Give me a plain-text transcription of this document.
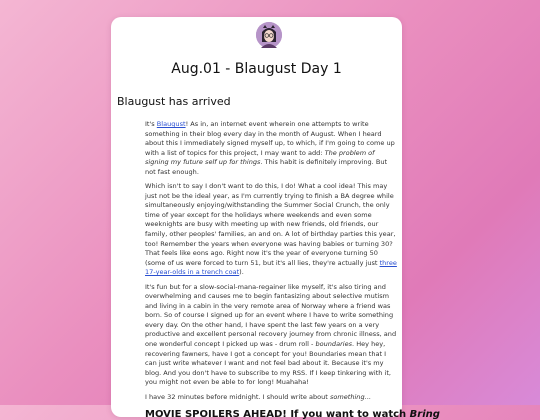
Aug.01 - Blaugust Day 1
Blaugust has arrived

It's Blaugust! As in, an internet event wherein one attempts to write something in their blog every day in the month of August. When I heard about this I immediately signed myself up, to which, if I'm going to come up with a list of topics for this project, I may want to add: The problem of signing my future self up for things. This habit is definitely improving. But not fast enough.

Which isn't to say I don't want to do this, I do! What a cool idea! This may just not be the ideal year, as I'm currently trying to finish a BA degree while simultaneously enjoying/withstanding the Summer Social Crunch, the only time of year except for the holidays where weekends and even some weeknights are busy with meeting up with new friends, old friends, our family, other peoples' families, an and on. A lot of birthday parties this year, too! Remember the years when everyone was having babies or turning 30? That feels like eons ago. Right now it's the year of everyone turning 50 (some of us were forced to turn 51, but it's all lies, they're actually just three 17-year-olds in a trench coat).

It's fun but for a slow-social-mana-regainer like myself, it's also tiring and overwhelming and causes me to begin fantasizing about selective mutism and living in a cabin in the very remote area of Norway where a friend was born. So of course I signed up for an event where I have to write something every day. On the other hand, I have spent the last few years on a very productive and excellent personal recovery journey from chronic illness, and one wonderful concept I picked up was - drum roll - boundaries. Hey hey, recovering fawners, have I got a concept for you! Boundaries mean that I can just write whatever I want and not feel bad about it. Because it's my blog. And you don't have to subscribe to my RSS. If I keep tinkering with it, you might not even be able to for long! Muahaha!

I have 32 minutes before midnight. I should write about something...

MOVIE SPOILERS AHEAD! If you want to watch Bring
